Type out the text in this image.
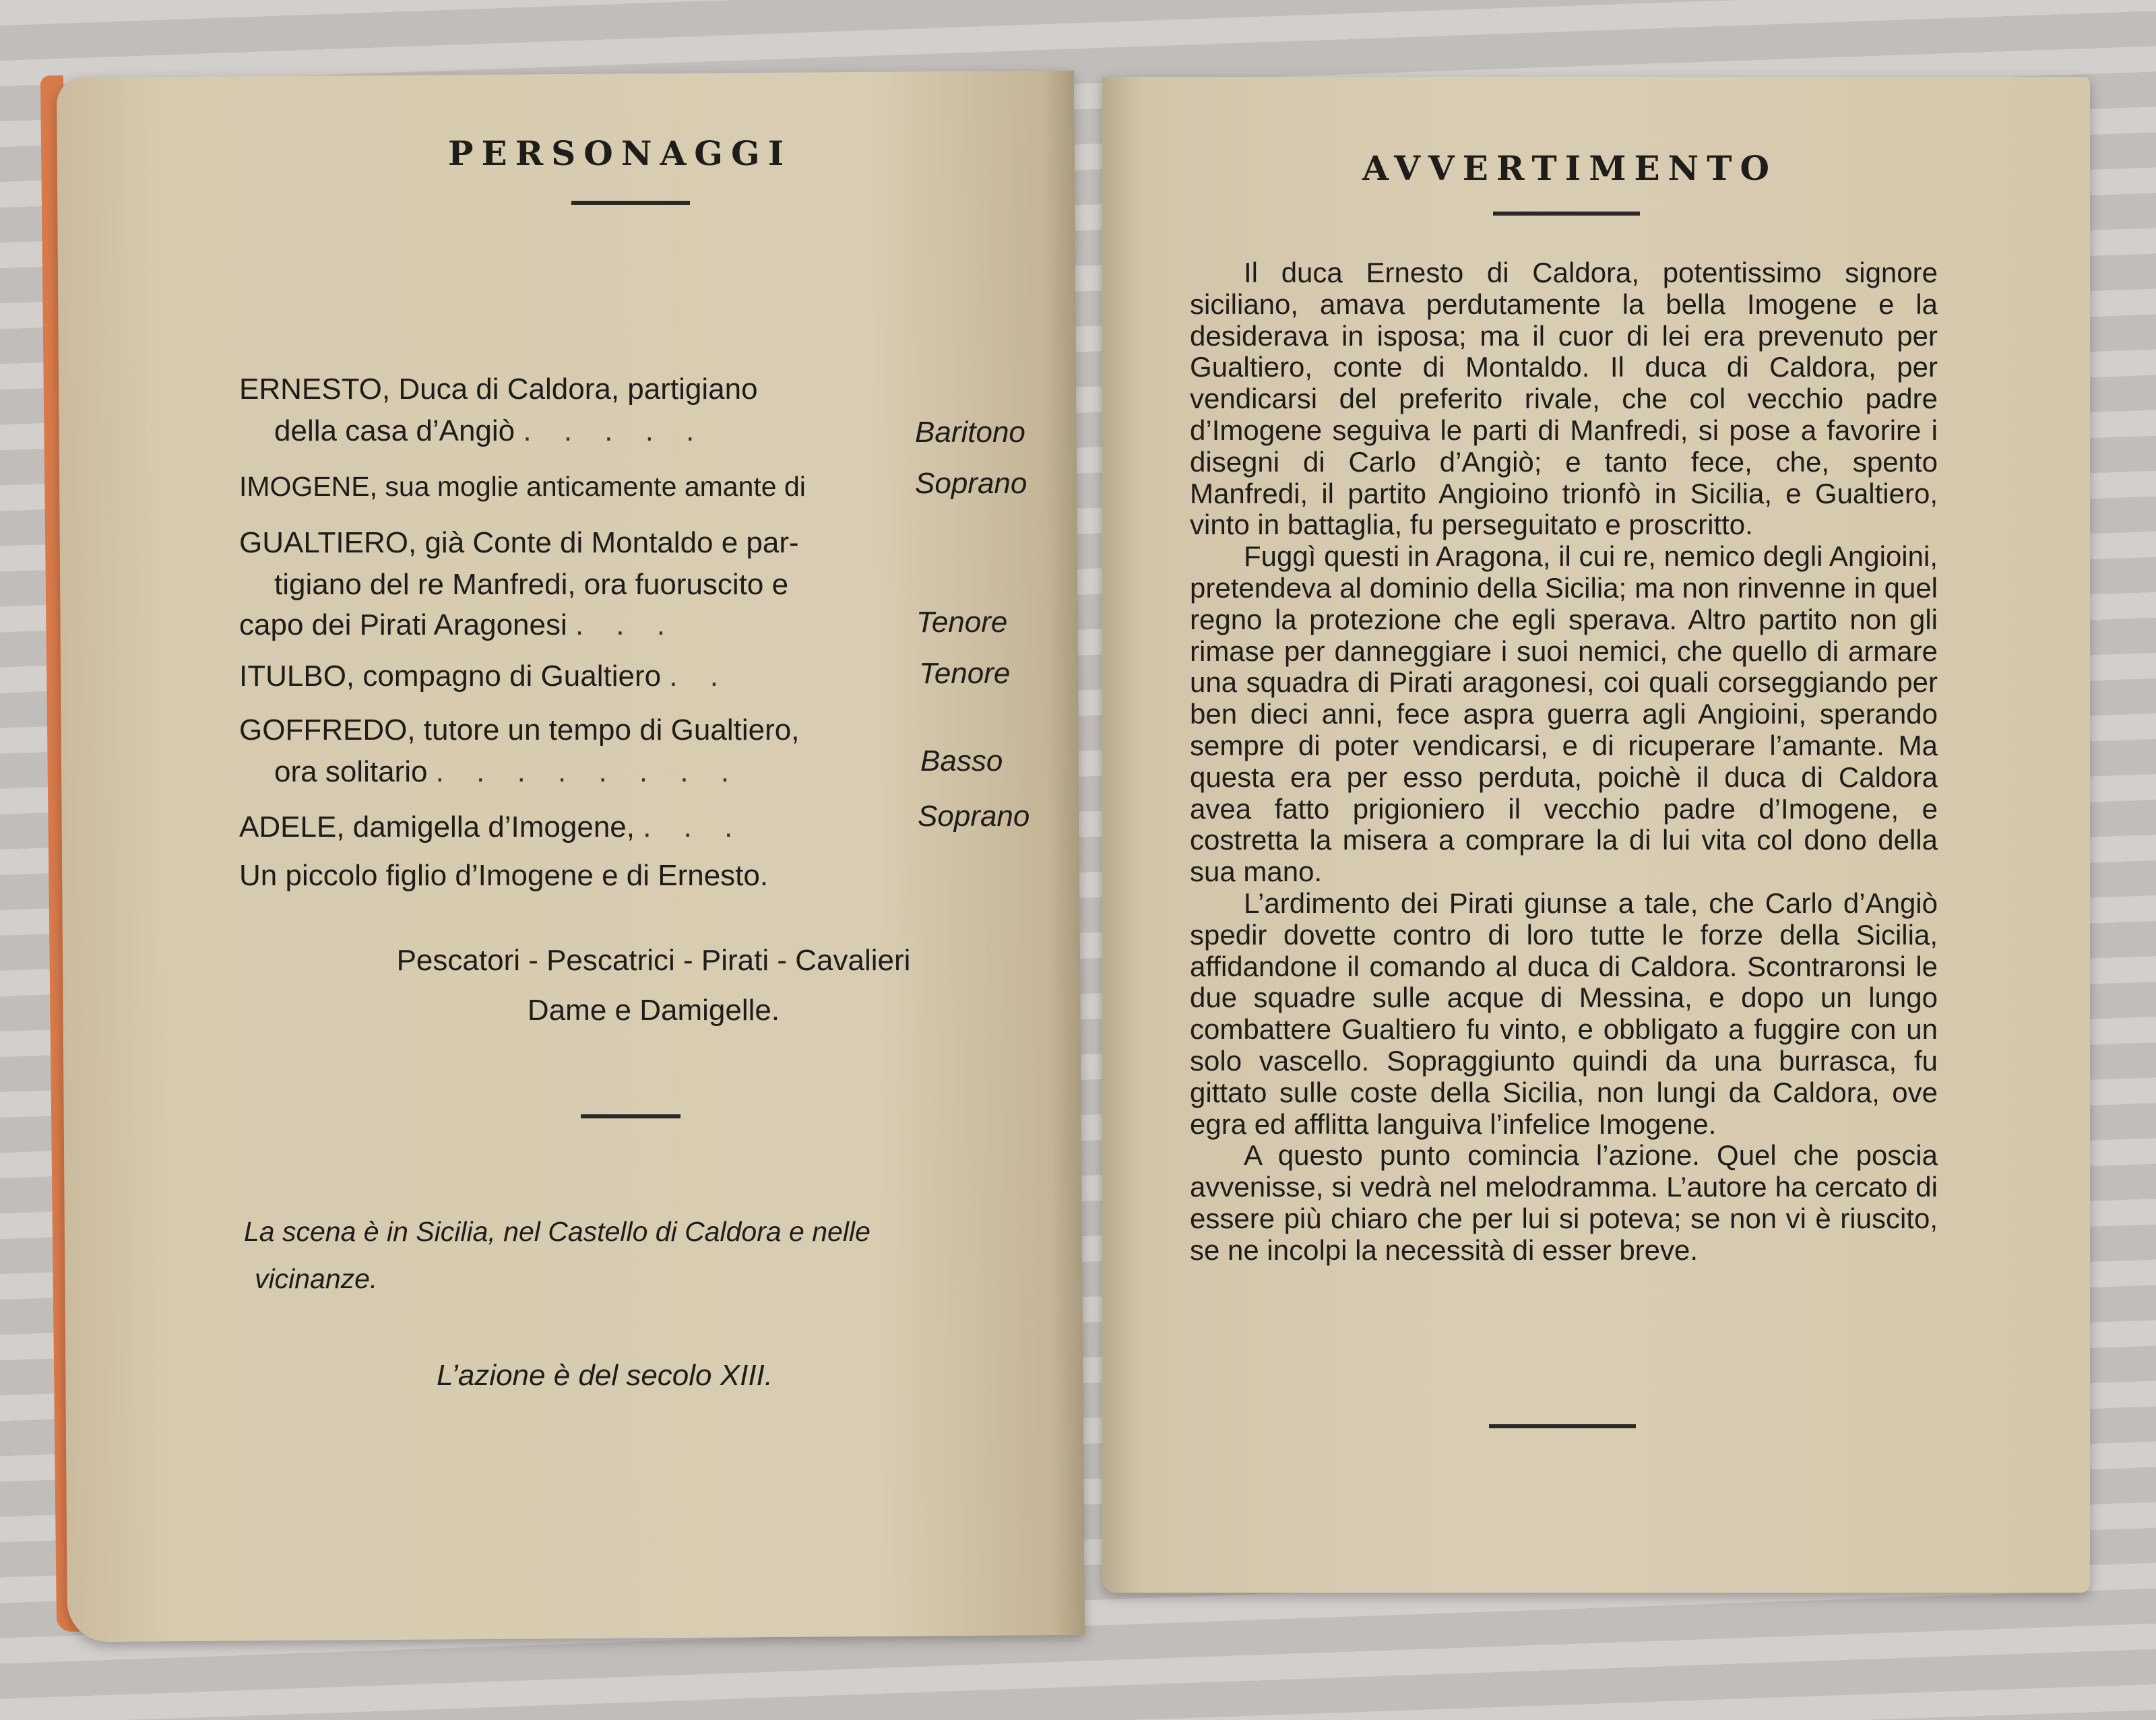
PERSONAGGI
ERNESTO, Duca di Caldora, partigiano
della casa d’Angiò . . . . .	Baritono
IMOGENE, sua moglie anticamente amante di	Soprano
GUALTIERO, già Conte di Montaldo e par-
tigiano del re Manfredi, ora fuoruscito e
capo dei Pirati Aragonesi . . .	Tenore
ITULBO, compagno di Gualtiero . .	Tenore
GOFFREDO, tutore un tempo di Gualtiero,
ora solitario . . . . . . . .	Basso
ADELE, damigella d’Imogene, . . .	Soprano
Un piccolo figlio d’Imogene e di Ernesto.
Pescatori - Pescatrici - Pirati - Cavalieri
Dame e Damigelle.
La scena è in Sicilia, nel Castello di Caldora e nelle
vicinanze.
L’azione è del secolo XIII.
AVVERTIMENTO

Il duca Ernesto di Caldora, potentissimo signore siciliano, amava perdutamente la bella Imogene e la desiderava in isposa; ma il cuor di lei era prevenuto per Gualtiero, conte di Montaldo. Il duca di Caldora, per vendicarsi del preferito rivale, che col vecchio padre d’Imogene seguiva le parti di Manfredi, si pose a favorire i disegni di Carlo d’Angiò; e tanto fece, che, spento Manfredi, il partito Angioino trionfò in Sicilia, e Gualtiero, vinto in battaglia, fu perseguitato e proscritto.

Fuggì questi in Aragona, il cui re, nemico degli Angioini, pretendeva al dominio della Sicilia; ma non rinvenne in quel regno la protezione che egli sperava. Altro partito non gli rimase per danneggiare i suoi nemici, che quello di armare una squadra di Pirati aragonesi, coi quali corseggiando per ben dieci anni, fece aspra guerra agli Angioini, sperando sempre di poter vendicarsi, e di ricuperare l’amante. Ma questa era per esso perduta, poichè il duca di Caldora avea fatto prigioniero il vecchio padre d’Imogene, e costretta la misera a comprare la di lui vita col dono della sua mano.

L’ardimento dei Pirati giunse a tale, che Carlo d’Angiò spedir dovette contro di loro tutte le forze della Sicilia, affidandone il comando al duca di Caldora. Scontraronsi le due squadre sulle acque di Messina, e dopo un lungo combattere Gualtiero fu vinto, e obbligato a fuggire con un solo vascello. Sopraggiunto quindi da una burrasca, fu gittato sulle coste della Sicilia, non lungi da Caldora, ove egra ed afflitta languiva l’infelice Imogene.

A questo punto comincia l’azione. Quel che poscia avvenisse, si vedrà nel melodramma. L’autore ha cercato di essere più chiaro che per lui si poteva; se non vi è riuscito, se ne incolpi la necessità di esser breve.
